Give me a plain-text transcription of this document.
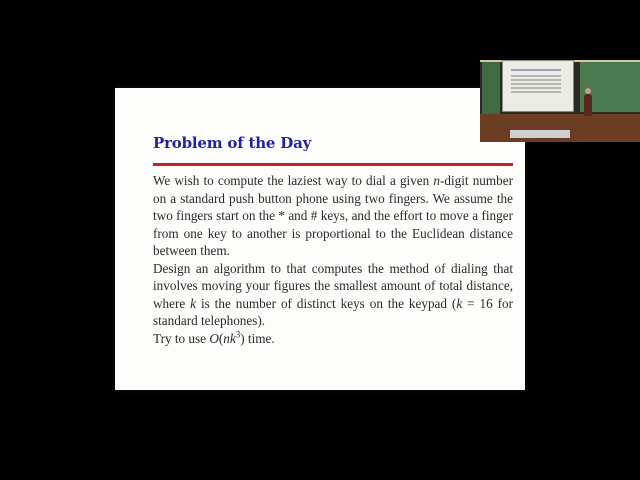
Problem of the Day

We wish to compute the laziest way to dial a given n-digit number on a standard push button phone using two fingers. We assume the two fingers start on the * and # keys, and the effort to move a finger from one key to another is proportional to the Euclidean distance between them.

Design an algorithm to that computes the method of dialing that involves moving your figures the smallest amount of total distance, where k is the number of distinct keys on the keypad (k = 16 for standard telephones).

Try to use $O(nk^3)$ time.
